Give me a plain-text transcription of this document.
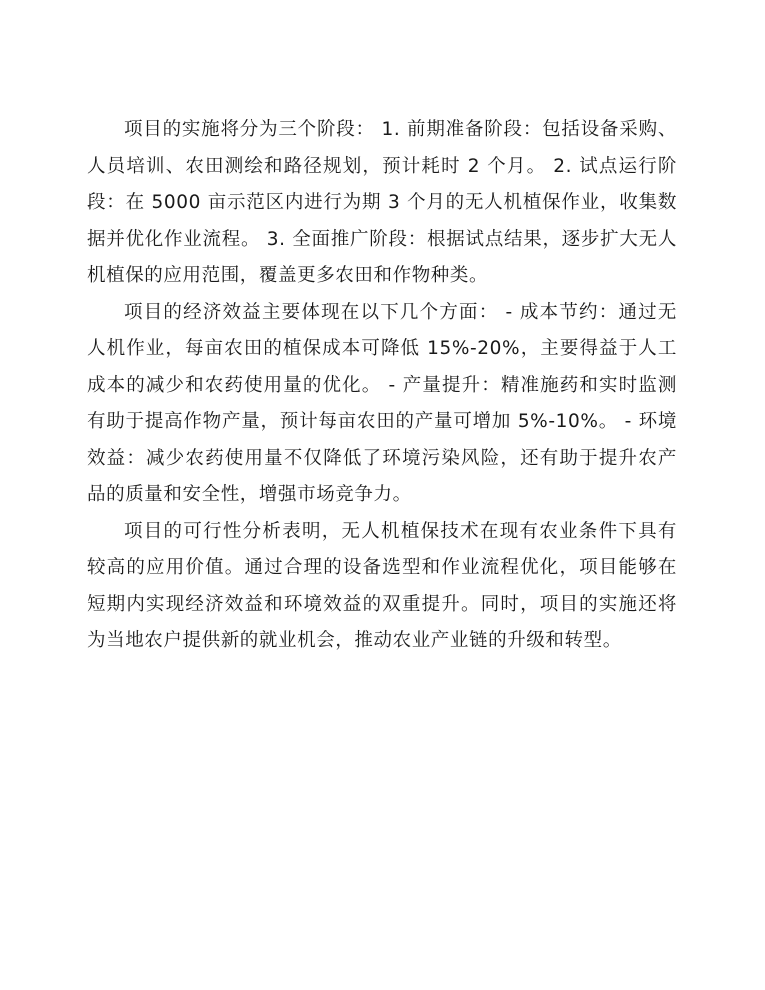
项目的实施将分为三个阶段： 1. 前期准备阶段：包括设备采购、人员培训、农田测绘和路径规划，预计耗时 2 个月。 2. 试点运行阶段：在 5000 亩示范区内进行为期 3 个月的无人机植保作业，收集数据并优化作业流程。 3. 全面推广阶段：根据试点结果，逐步扩大无人机植保的应用范围，覆盖更多农田和作物种类。

项目的经济效益主要体现在以下几个方面： - 成本节约：通过无人机作业，每亩农田的植保成本可降低 15%-20%，主要得益于人工成本的减少和农药使用量的优化。 - 产量提升：精准施药和实时监测有助于提高作物产量，预计每亩农田的产量可增加 5%-10%。 - 环境效益：减少农药使用量不仅降低了环境污染风险，还有助于提升农产品的质量和安全性，增强市场竞争力。

项目的可行性分析表明，无人机植保技术在现有农业条件下具有较高的应用价值。通过合理的设备选型和作业流程优化，项目能够在短期内实现经济效益和环境效益的双重提升。同时，项目的实施还将为当地农户提供新的就业机会，推动农业产业链的升级和转型。
